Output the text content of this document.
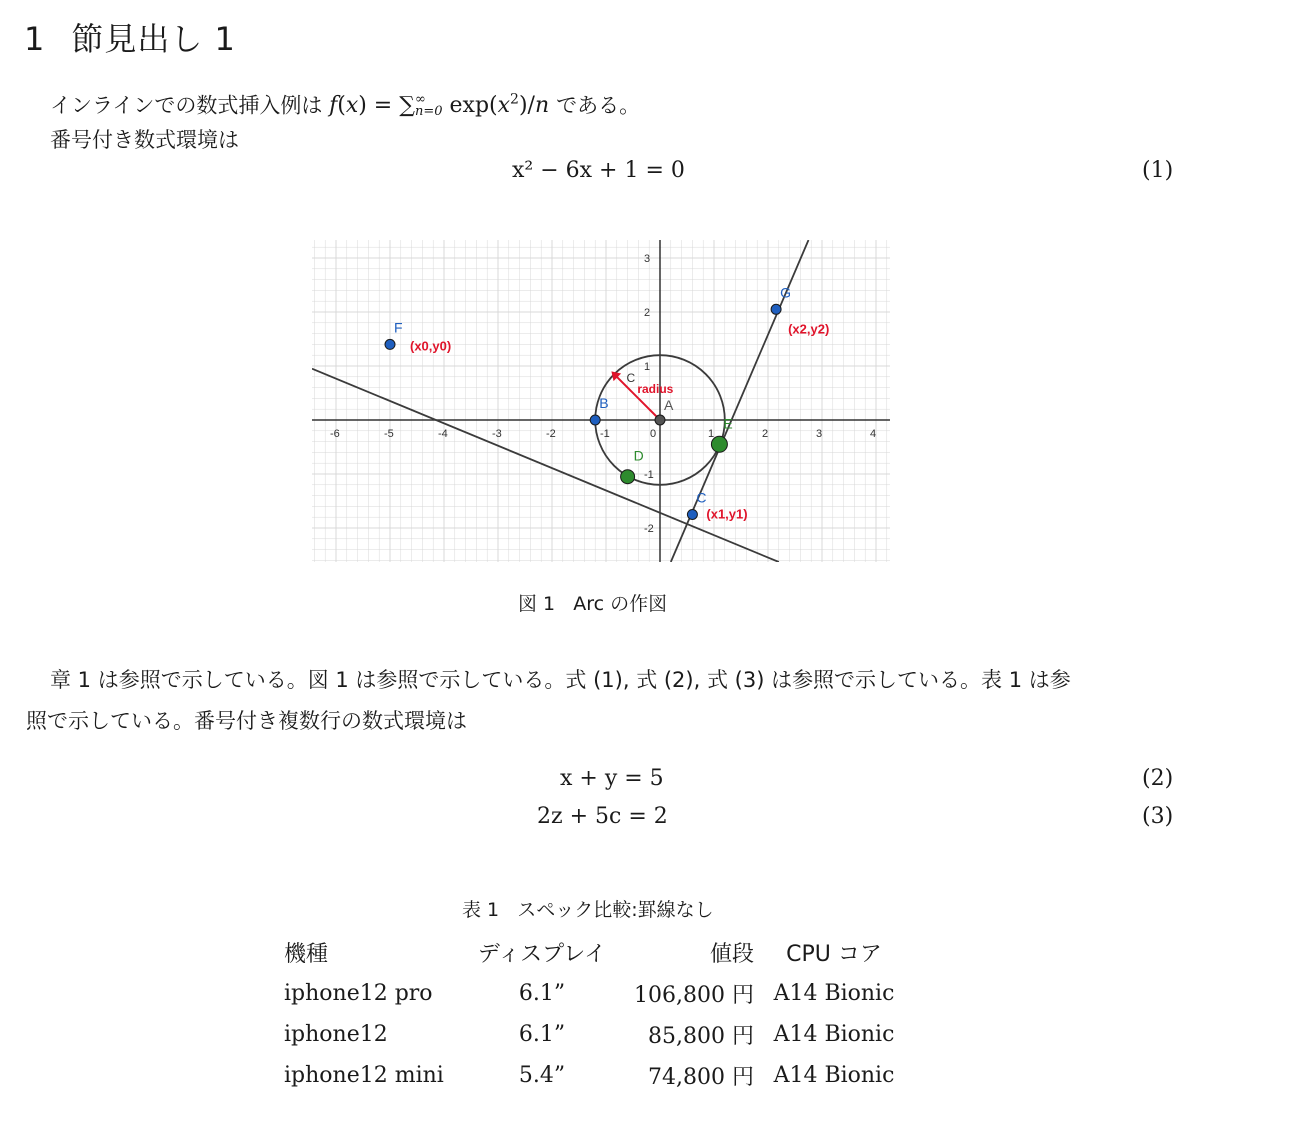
1 節見出し 1
インラインでの数式挿入例は f(x) = ∑ ∞
n=0 $\exp(x^2)/n$ である。
番号付き数式環境は
x² − 6x + 1 = 0	(1)
-6	-5	-4	-3	-2	-1	0	1	2	3	4
3
2
1
-1
-2
radius
C
F
(x0,y0)
G
(x2,y2)
C
(x1,y1)
B	A
D
E
図 1 Arc の作図
章 1 は参照で示している。図 1 は参照で示している。式 (1), 式 (2), 式 (3) は参照で示している。表 1 は参
照で示している。番号付き複数行の数式環境は
x + y = 5	(2)
2z + 5c = 2	(3)
表 1 スペック比較:罫線なし
機種	ディスプレイ	値段	CPU コア
iphone12 pro	6.1”	106,800 円	A14 Bionic
iphone12	6.1”	85,800 円	A14 Bionic
iphone12 mini	5.4”	74,800 円	A14 Bionic
